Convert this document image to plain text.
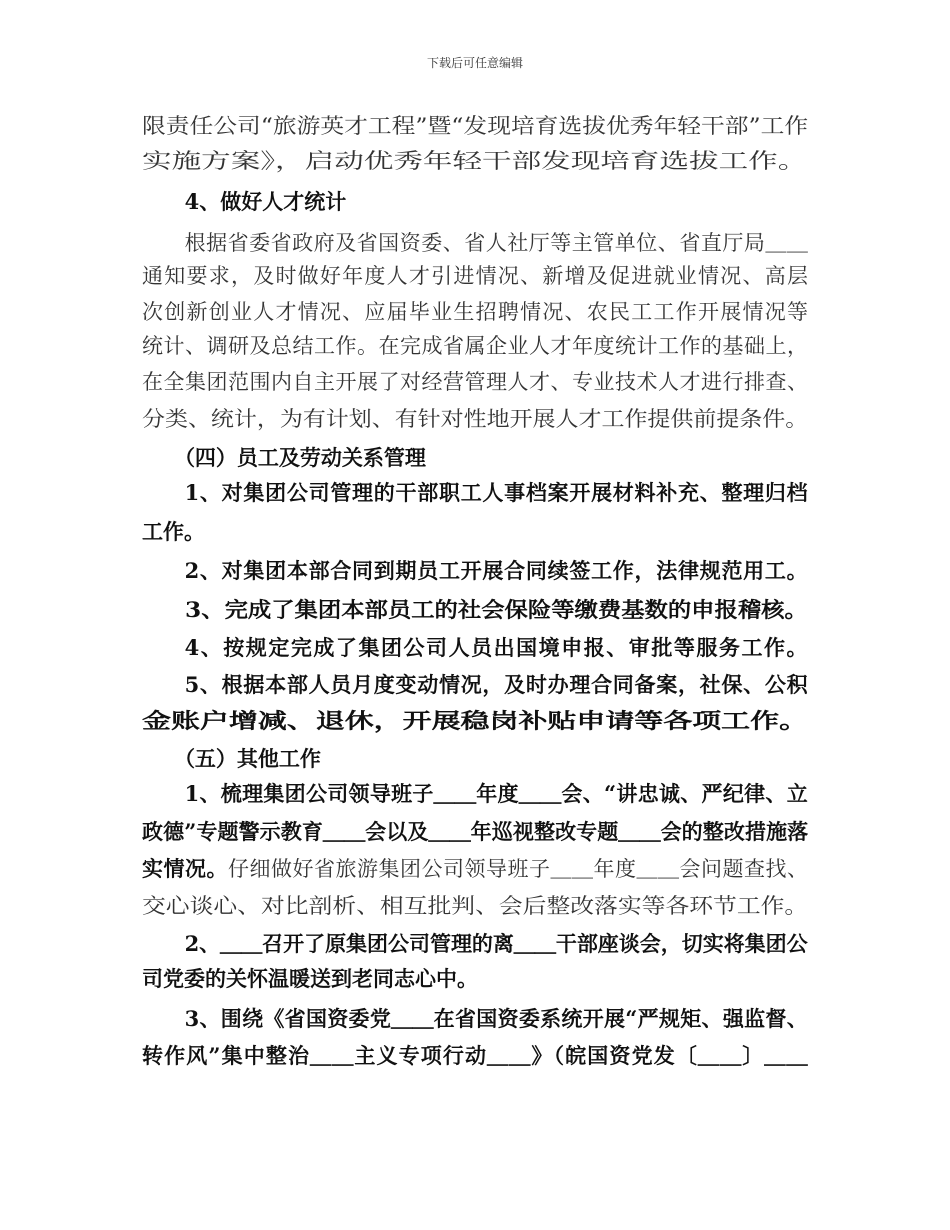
下载后可任意编辑
限责任公司“旅游英才工程”暨“发现培育选拔优秀年轻干部”工作
实施方案》，启动优秀年轻干部发现培育选拔工作。
4、做好人才统计
根据省委省政府及省国资委、省人社厅等主管单位、省直厅局＿＿
通知要求，及时做好年度人才引进情况、新增及促进就业情况、高层
次创新创业人才情况、应届毕业生招聘情况、农民工工作开展情况等
统计、调研及总结工作。在完成省属企业人才年度统计工作的基础上，
在全集团范围内自主开展了对经营管理人才、专业技术人才进行排查、
分类、统计，为有计划、有针对性地开展人才工作提供前提条件。
（四）员工及劳动关系管理
1、对集团公司管理的干部职工人事档案开展材料补充、整理归档
工作。
2、对集团本部合同到期员工开展合同续签工作，法律规范用工。
3、完成了集团本部员工的社会保险等缴费基数的申报稽核。
4、按规定完成了集团公司人员出国境申报、审批等服务工作。
5、根据本部人员月度变动情况，及时办理合同备案，社保、公积
金账户增减、退休，开展稳岗补贴申请等各项工作。
（五）其他工作
1、梳理集团公司领导班子＿＿年度＿＿会、“讲忠诚、严纪律、立
政德”专题警示教育＿＿会以及＿＿年巡视整改专题＿＿会的整改措施落
实情况。仔细做好省旅游集团公司领导班子＿＿年度＿＿会问题查找、
交心谈心、对比剖析、相互批判、会后整改落实等各环节工作。
2、＿＿召开了原集团公司管理的离＿＿干部座谈会，切实将集团公
司党委的关怀温暖送到老同志心中。
3、围绕《省国资委党＿＿在省国资委系统开展“严规矩、强监督、
转作风”集中整治＿＿主义专项行动＿＿》（皖国资党发〔＿＿〕＿＿
